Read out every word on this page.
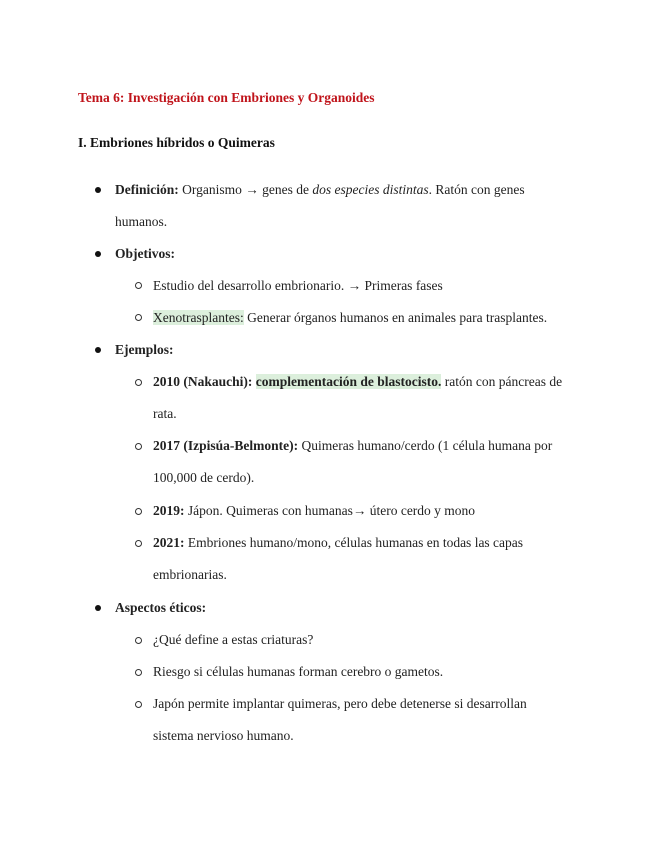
Tema 6: Investigación con Embriones y Organoides
I. Embriones híbridos o Quimeras
Definición: Organismo → genes de dos especies distintas. Ratón con genes
humanos.
Objetivos:
Estudio del desarrollo embrionario. → Primeras fases
Xenotrasplantes: Generar órganos humanos en animales para trasplantes.
Ejemplos:
2010 (Nakauchi): complementación de blastocisto. ratón con páncreas de
rata.
2017 (Izpisúa-Belmonte): Quimeras humano/cerdo (1 célula humana por
100,000 de cerdo).
2019: Jápon. Quimeras con humanas→ útero cerdo y mono
2021: Embriones humano/mono, células humanas en todas las capas
embrionarias.
Aspectos éticos:
¿Qué define a estas criaturas?
Riesgo si células humanas forman cerebro o gametos.
Japón permite implantar quimeras, pero debe detenerse si desarrollan
sistema nervioso humano.
